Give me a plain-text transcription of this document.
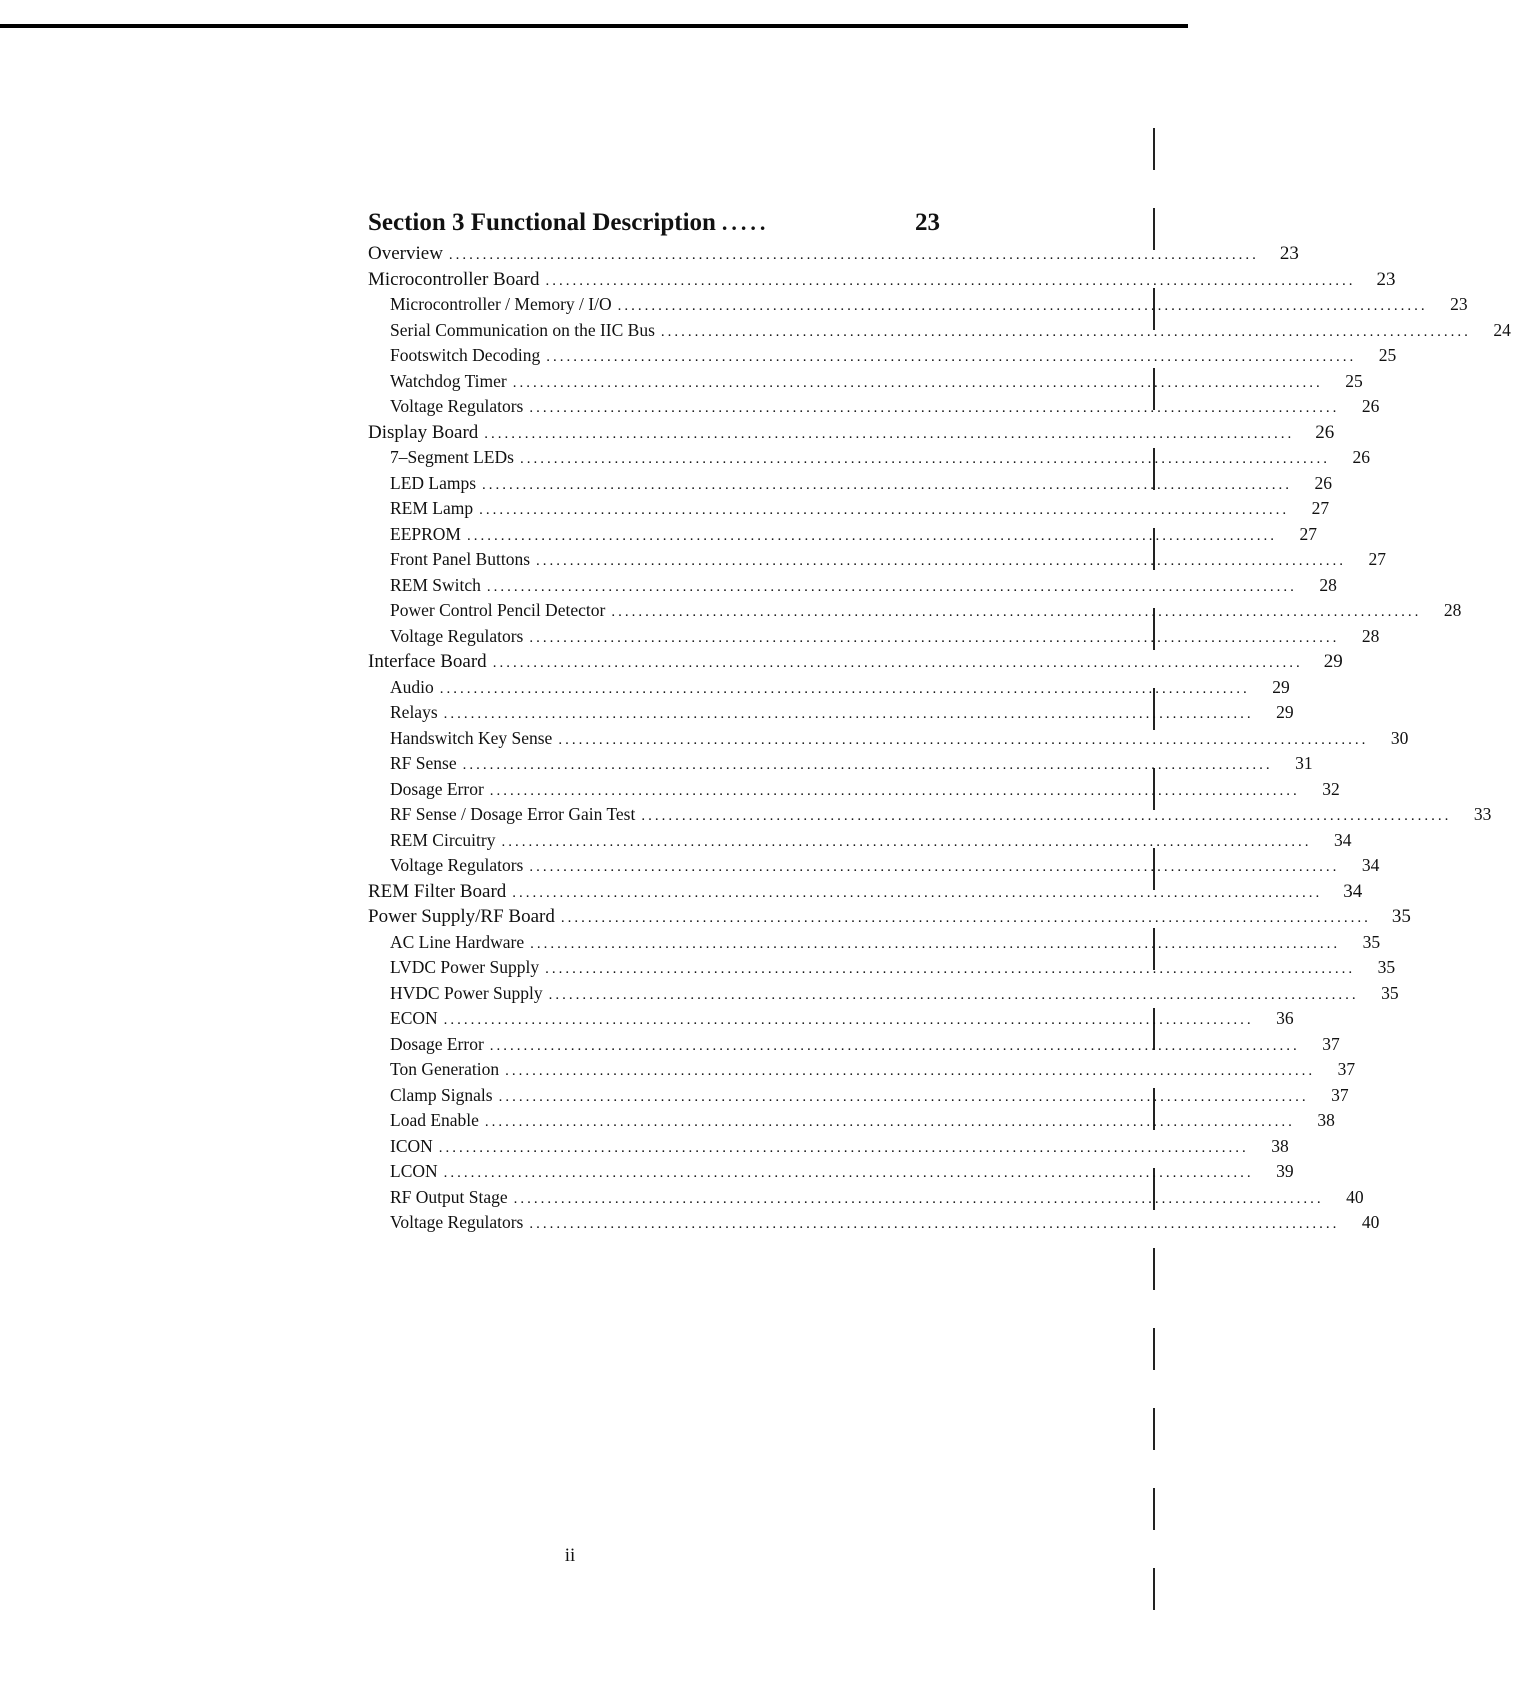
Section 3 Functional Description .....	23
Overview ........................................................................................................................	23
Microcontroller Board ........................................................................................................................	23
Microcontroller / Memory / I/O ........................................................................................................................	23
Serial Communication on the IIC Bus ........................................................................................................................	24
Footswitch Decoding ........................................................................................................................	25
Watchdog Timer ........................................................................................................................	25
Voltage Regulators ........................................................................................................................	26
Display Board ........................................................................................................................	26
7–Segment LEDs ........................................................................................................................	26
LED Lamps ........................................................................................................................	26
REM Lamp ........................................................................................................................	27
EEPROM ........................................................................................................................	27
Front Panel Buttons ........................................................................................................................	27
REM Switch ........................................................................................................................	28
Power Control Pencil Detector ........................................................................................................................	28
Voltage Regulators ........................................................................................................................	28
Interface Board ........................................................................................................................	29
Audio ........................................................................................................................	29
Relays ........................................................................................................................	29
Handswitch Key Sense ........................................................................................................................	30
RF Sense ........................................................................................................................	31
Dosage Error ........................................................................................................................	32
RF Sense / Dosage Error Gain Test ........................................................................................................................	33
REM Circuitry ........................................................................................................................	34
Voltage Regulators ........................................................................................................................	34
REM Filter Board ........................................................................................................................	34
Power Supply/RF Board ........................................................................................................................	35
AC Line Hardware ........................................................................................................................	35
LVDC Power Supply ........................................................................................................................	35
HVDC Power Supply ........................................................................................................................	35
ECON ........................................................................................................................	36
Dosage Error ........................................................................................................................	37
Ton Generation ........................................................................................................................	37
Clamp Signals ........................................................................................................................	37
Load Enable ........................................................................................................................	38
ICON ........................................................................................................................	38
LCON ........................................................................................................................	39
RF Output Stage ........................................................................................................................	40
Voltage Regulators ........................................................................................................................	40
ii
